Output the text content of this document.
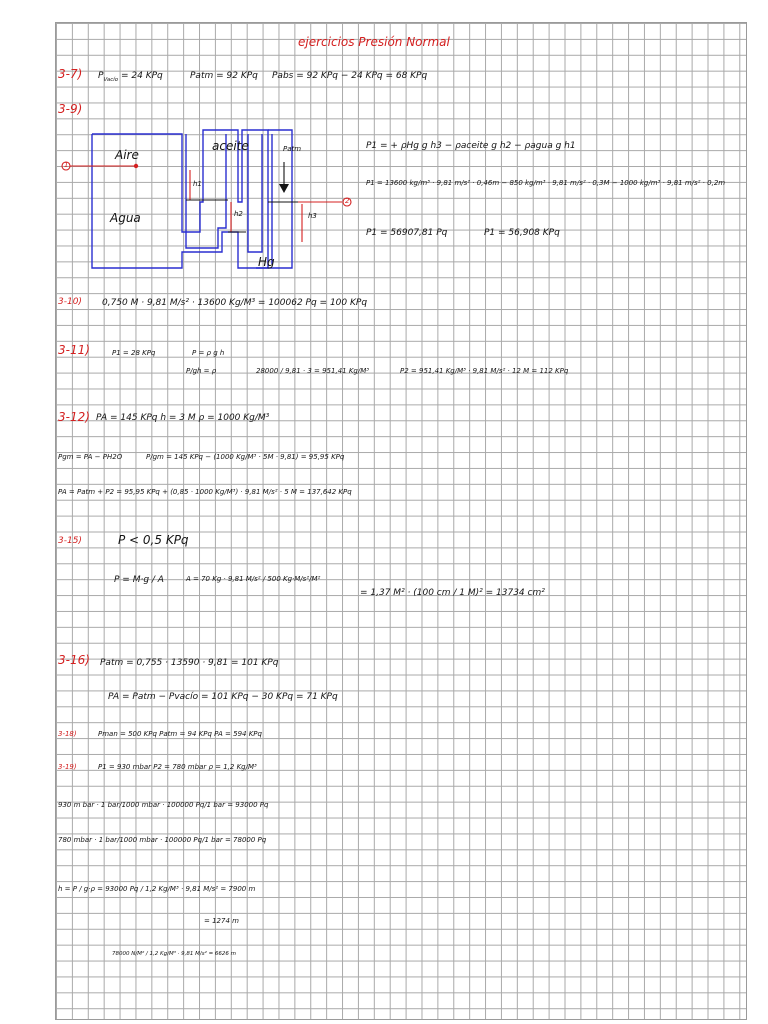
ejercicios Presión Normal
3-7) $P_{Vacío} = 24$ KPq	Patm = 92 KPq Pabs = 92 KPq − 24 KPq = 68 KPq
3-9)
Aire
Agua
aceite
Hg
Patm
1
2
h1
h2	h3
P1 = + ρHg g h3 − ρaceite g h2 − ρagua g h1
P1 = 13600 kg/m³ · 9,81 m/s² · 0,46m − 850 kg/m³ · 9,81 m/s² · 0,3M − 1000 kg/m³ · 9,81 m/s² · 0,2m
P1 = 56907,81 Pq	P1 = 56,908 KPq
3-10) 0,750 M · 9,81 M/s² · 13600 Kg/M³ = 100062 Pq = 100 KPq
3-11)	P1 = 28 KPq	P = ρ g h
P/gh = ρ	28000 / 9,81 · 3 = 951,41 Kg/M³	P2 = 951,41 Kg/M³ · 9,81 M/s² · 12 M = 112 KPq
3-12) PA = 145 KPq h = 3 M ρ = 1000 Kg/M³
Pgm = PA − PH2O	P/gm = 145 KPq − (1000 Kg/M³ · 5M · 9,81) = 95,95 KPq
PA = Patm + P2 = 95,95 KPq + (0,85 · 1000 Kg/M³) · 9,81 M/s² · 5 M = 137,642 KPq
3-15)	P < 0,5 KPq
P = M·g / A	A = 70 Kg · 9,81 M/s² / 500 Kg·M/s²/M²
= 1,37 M² · (100 cm / 1 M)² = 13734 cm²
3-16) Patm = 0,755 · 13590 · 9,81 = 101 KPq
PA = Patm − Pvacío = 101 KPq − 30 KPq = 71 KPq
3-18)	Pman = 500 KPq Patm = 94 KPq PA = 594 KPq
3-19)	P1 = 930 mbar P2 = 780 mbar ρ = 1,2 Kg/M³
930 m bar · 1 bar/1000 mbar · 100000 Pq/1 bar = 93000 Pq
780 mbar · 1 bar/1000 mbar · 100000 Pq/1 bar = 78000 Pq
h = P / g·ρ = 93000 Pq / 1,2 Kg/M³ · 9,81 M/s² = 7900 m
= 1274 m
78000 N/M² / 1,2 Kg/M³ · 9,81 M/s² = 6626 m
